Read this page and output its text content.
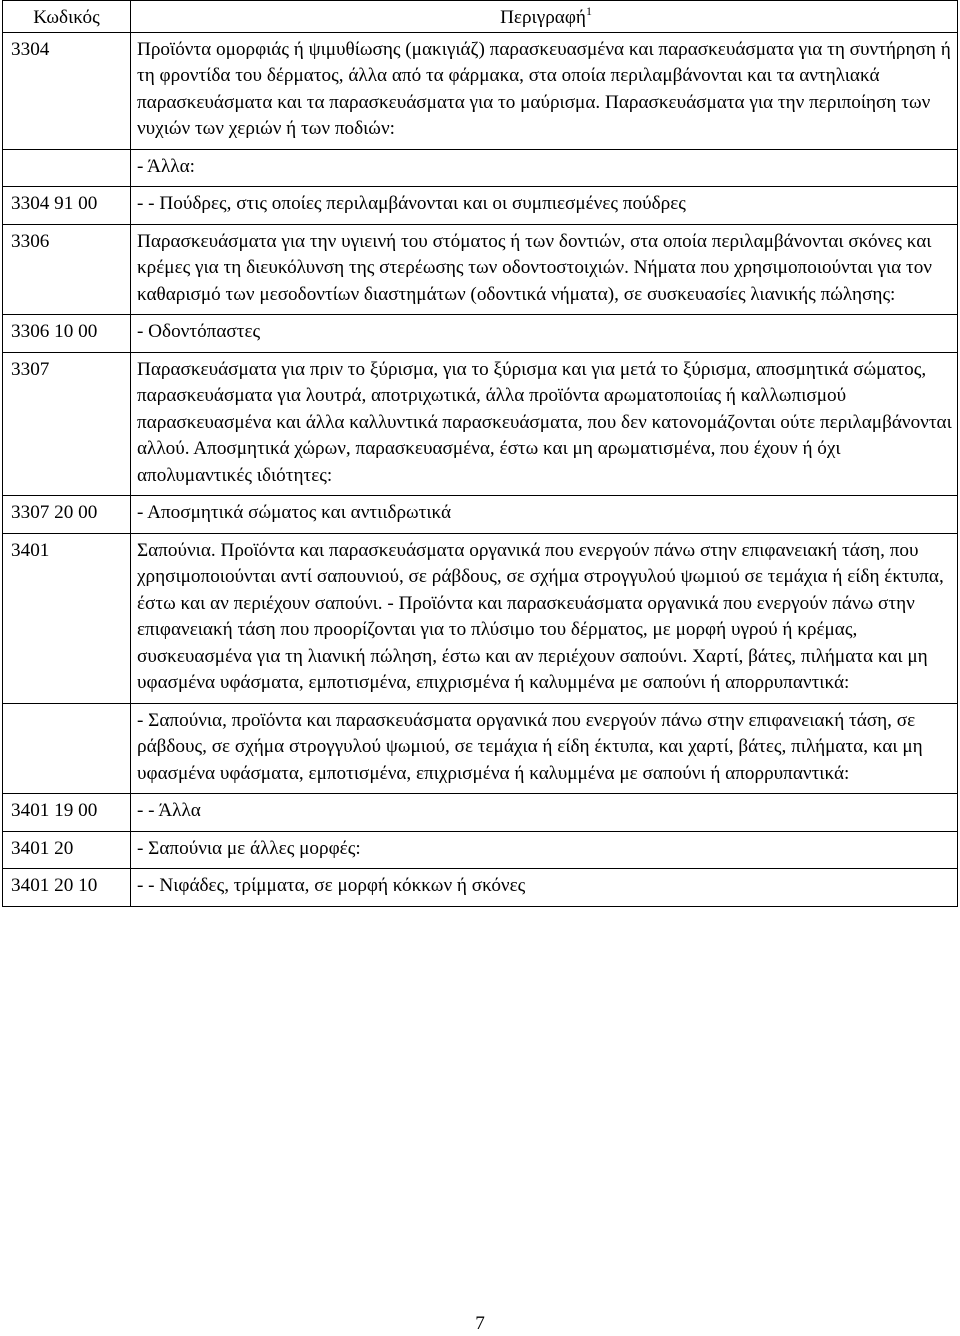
Κωδικός	Περιγραφή$^1$
3304	Προϊόντα ομορφιάς ή ψιμυθίωσης (μακιγιάζ) παρασκευασμένα και παρασκευάσματα για τη συντήρηση ή τη φροντίδα του δέρματος, άλλα από τα φάρμακα, στα οποία περιλαμβάνονται και τα αντηλιακά παρασκευάσματα και τα παρασκευάσματα για το μαύρισμα. Παρασκευάσματα για την περιποίηση των νυχιών των χεριών ή των ποδιών:
	- Άλλα:
3304 91 00	- - Πούδρες, στις οποίες περιλαμβάνονται και οι συμπιεσμένες πούδρες
3306	Παρασκευάσματα για την υγιεινή του στόματος ή των δοντιών, στα οποία περιλαμβάνονται σκόνες και κρέμες για τη διευκόλυνση της στερέωσης των οδοντοστοιχιών. Νήματα που χρησιμοποιούνται για τον καθαρισμό των μεσοδοντίων διαστημάτων (οδοντικά νήματα), σε συσκευασίες λιανικής πώλησης:
3306 10 00	- Οδοντόπαστες
3307	Παρασκευάσματα για πριν το ξύρισμα, για το ξύρισμα και για μετά το ξύρισμα, αποσμητικά σώματος, παρασκευάσματα για λουτρά, αποτριχωτικά, άλλα προϊόντα αρωματοποιίας ή καλλωπισμού παρασκευασμένα και άλλα καλλυντικά παρασκευάσματα, που δεν κατονομάζονται ούτε περιλαμβάνονται αλλού. Αποσμητικά χώρων, παρασκευασμένα, έστω και μη αρωματισμένα, που έχουν ή όχι απολυμαντικές ιδιότητες:
3307 20 00	- Αποσμητικά σώματος και αντιιδρωτικά
3401	Σαπούνια. Προϊόντα και παρασκευάσματα οργανικά που ενεργούν πάνω στην επιφανειακή τάση, που χρησιμοποιούνται αντί σαπουνιού, σε ράβδους, σε σχήμα στρογγυλού ψωμιού σε τεμάχια ή είδη έκτυπα, έστω και αν περιέχουν σαπούνι. - Προϊόντα και παρασκευάσματα οργανικά που ενεργούν πάνω στην επιφανειακή τάση που προορίζονται για το πλύσιμο του δέρματος, με μορφή υγρού ή κρέμας, συσκευασμένα για τη λιανική πώληση, έστω και αν περιέχουν σαπούνι. Χαρτί, βάτες, πιλήματα και μη υφασμένα υφάσματα, εμποτισμένα, επιχρισμένα ή καλυμμένα με σαπούνι ή απορρυπαντικά:
	- Σαπούνια, προϊόντα και παρασκευάσματα οργανικά που ενεργούν πάνω στην επιφανειακή τάση, σε ράβδους, σε σχήμα στρογγυλού ψωμιού, σε τεμάχια ή είδη έκτυπα, και χαρτί, βάτες, πιλήματα, και μη υφασμένα υφάσματα, εμποτισμένα, επιχρισμένα ή καλυμμένα με σαπούνι ή απορρυπαντικά:
3401 19 00	- - Άλλα
3401 20	- Σαπούνια με άλλες μορφές:
3401 20 10	- - Νιφάδες, τρίμματα, σε μορφή κόκκων ή σκόνες
7
